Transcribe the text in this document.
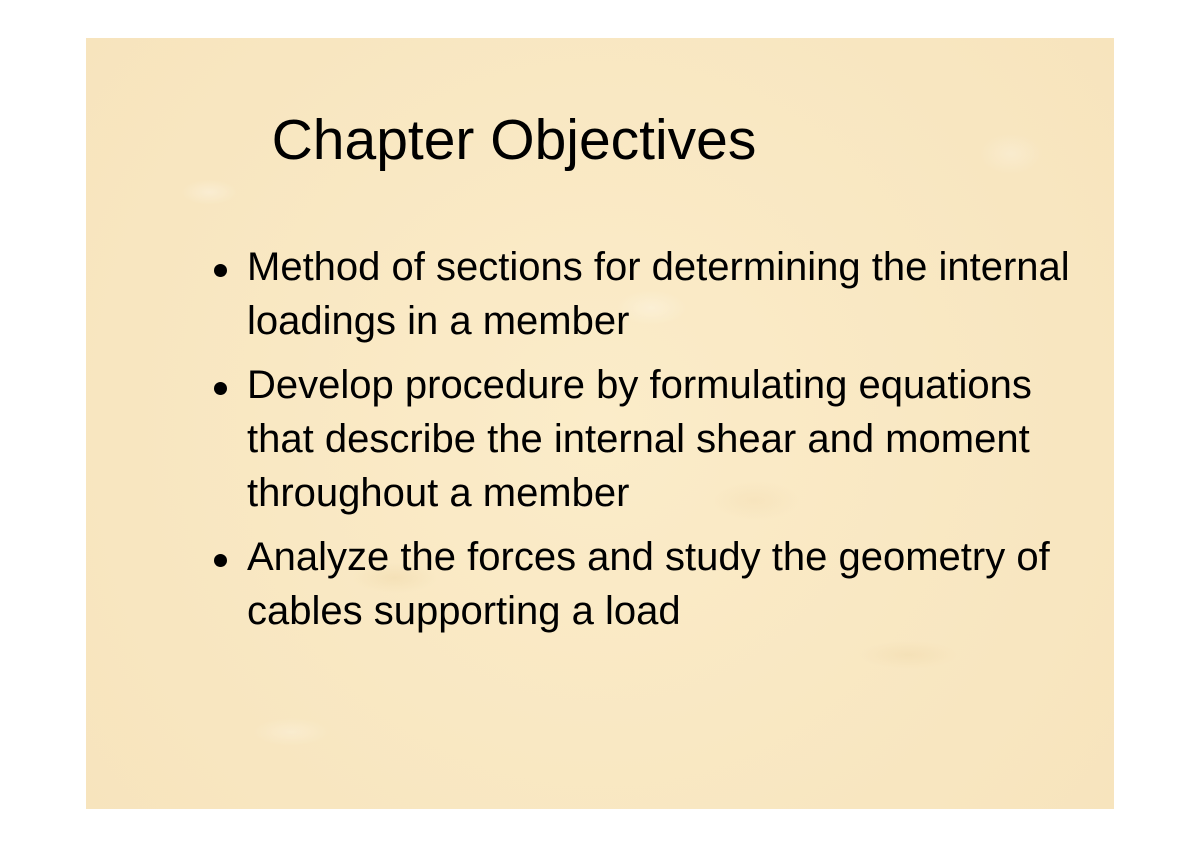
Chapter Objectives
Method of sections for determining the internal loadings in a member
Develop procedure by formulating equations that describe the internal shear and moment throughout a member
Analyze the forces and study the geometry of cables supporting a load
